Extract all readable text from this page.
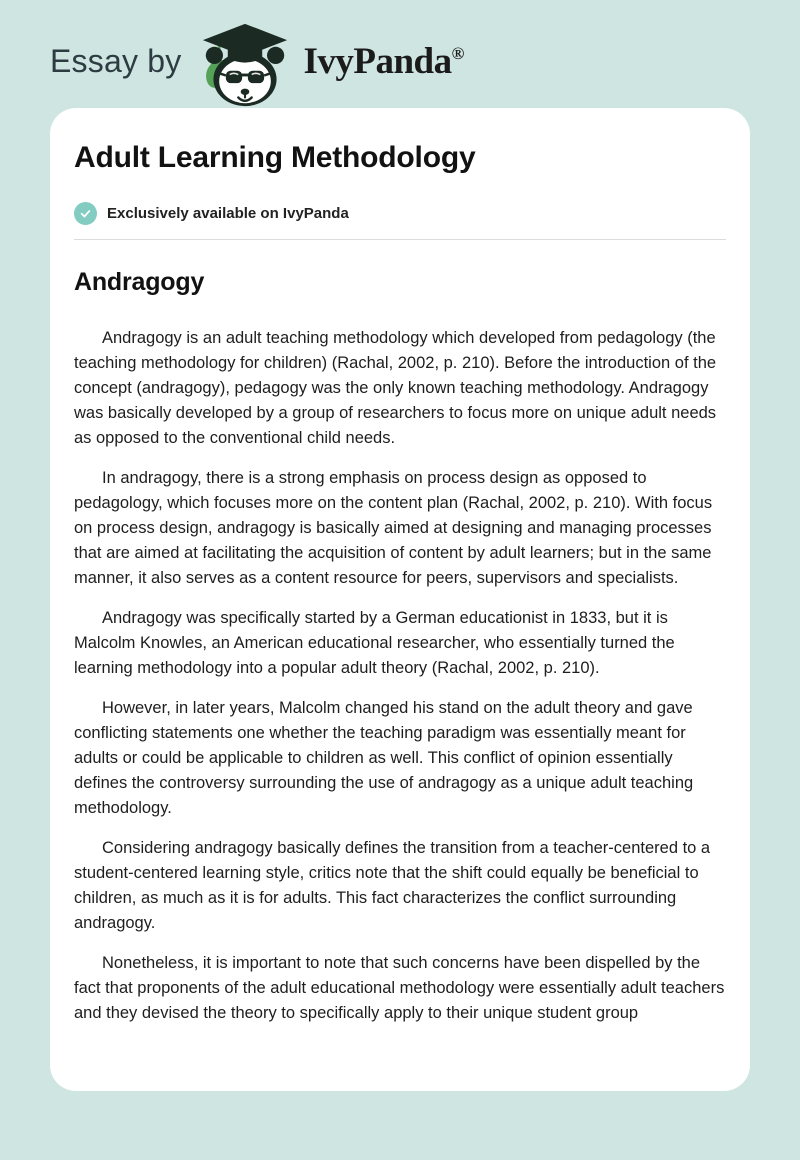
Essay by	IvyPanda®
Adult Learning Methodology
Exclusively available on IvyPanda
Andragogy

Andragogy is an adult teaching methodology which developed from pedagology (the teaching methodology for children) (Rachal, 2002, p. 210). Before the introduction of the concept (andragogy), pedagogy was the only known teaching methodology. Andragogy was basically developed by a group of researchers to focus more on unique adult needs as opposed to the conventional child needs.

In andragogy, there is a strong emphasis on process design as opposed to pedagology, which focuses more on the content plan (Rachal, 2002, p. 210). With focus on process design, andragogy is basically aimed at designing and managing processes that are aimed at facilitating the acquisition of content by adult learners; but in the same manner, it also serves as a content resource for peers, supervisors and specialists.

Andragogy was specifically started by a German educationist in 1833, but it is Malcolm Knowles, an American educational researcher, who essentially turned the learning methodology into a popular adult theory (Rachal, 2002, p. 210).

However, in later years, Malcolm changed his stand on the adult theory and gave conflicting statements one whether the teaching paradigm was essentially meant for adults or could be applicable to children as well. This conflict of opinion essentially defines the controversy surrounding the use of andragogy as a unique adult teaching methodology.

Considering andragogy basically defines the transition from a teacher-centered to a student-centered learning style, critics note that the shift could equally be beneficial to children, as much as it is for adults. This fact characterizes the conflict surrounding andragogy.

Nonetheless, it is important to note that such concerns have been dispelled by the fact that proponents of the adult educational methodology were essentially adult teachers and they devised the theory to specifically apply to their unique student group
